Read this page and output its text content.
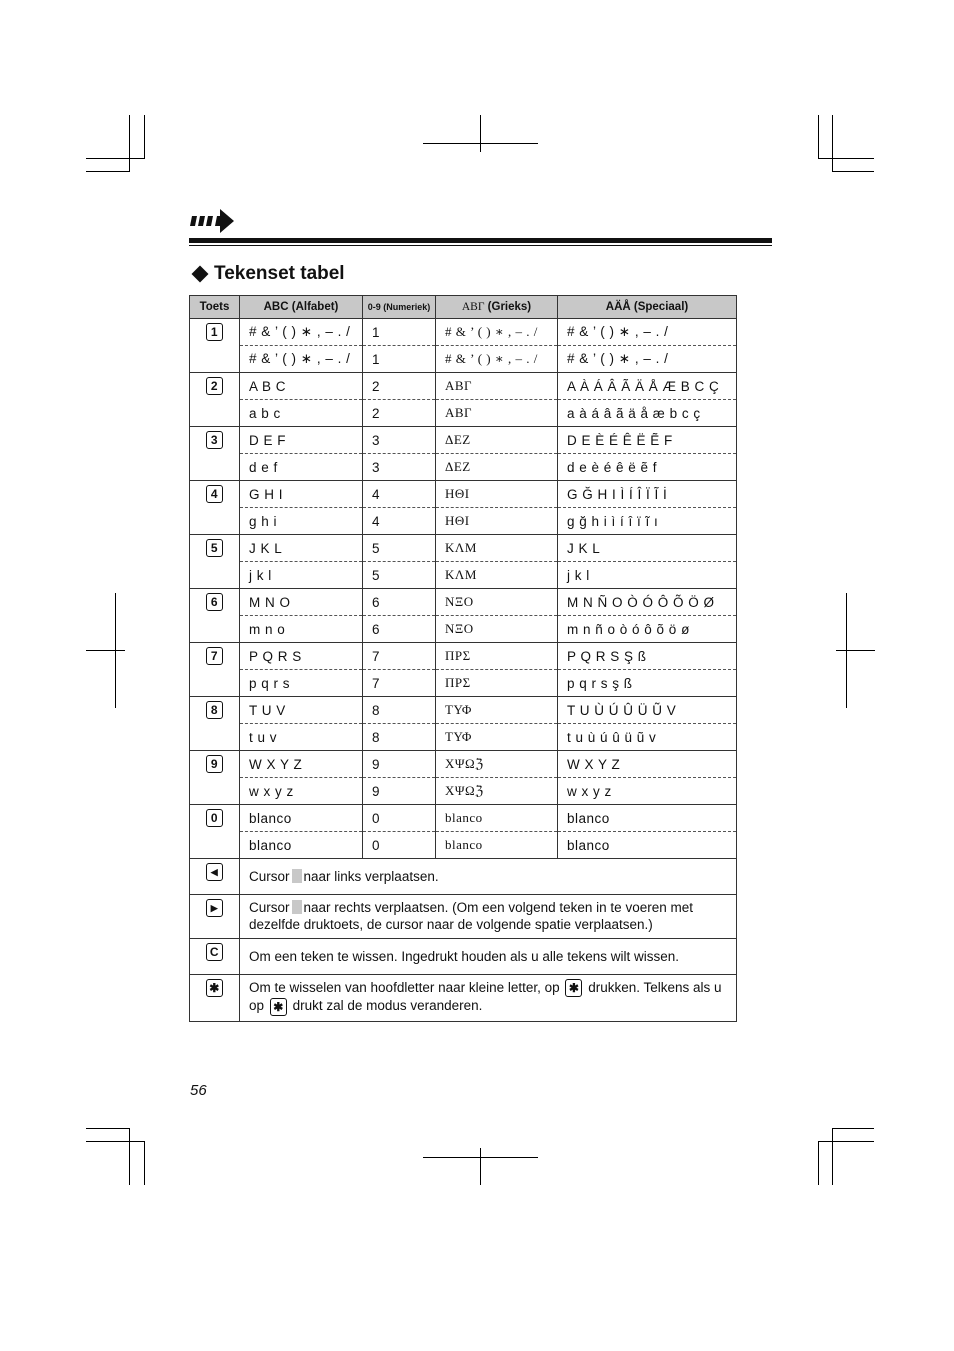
Tekenset tabel
Toets	ABC (Alfabet)	0-9 (Numeriek)	ΑΒΓ (Grieks)	AÄÅ (Speciaal)
1	# & ’ ( ) ∗ , – . /	1	# & ’ ( ) ∗ , – . /	# & ’ ( ) ∗ , – . /
	# & ’ ( ) ∗ , – . /	1	# & ’ ( ) ∗ , – . /	# & ’ ( ) ∗ , – . /
2	A B C	2	ΑΒΓ	A À Á Â Ã Ä Å Æ B C Ç
	a b c	2	ΑΒΓ	a à á â ã ä å æ b c ç
3	D E F	3	ΔΕΖ	D E È É Ê Ë Ẽ F
	d e f	3	ΔΕΖ	d e è é ê ë ẽ f
4	G H I	4	ΗΘΙ	G Ğ H I Ì Í Î Ï Ĩ İ
	g h i	4	ΗΘΙ	g ğ h i ì í î ï ĩ ı
5	J K L	5	ΚΛΜ	J K L
	j k l	5	ΚΛΜ	j k l
6	M N O	6	ΝΞΟ	M N Ñ O Ò Ó Ô Õ Ö Ø
	m n o	6	ΝΞΟ	m n ñ o ò ó ô õ ö ø
7	P Q R S	7	ΠΡΣ	P Q R S Ş ß
	p q r s	7	ΠΡΣ	p q r s ş ß
8	T U V	8	ΤΥΦ	T U Ù Ú Û Ü Ũ V
	t u v	8	ΤΥΦ	t u ù ú û ü ũ v
9	W X Y Z	9	ΧΨΩℨ	W X Y Z
	w x y z	9	ΧΨΩℨ	w x y z
0	blanco	0	blanco	blanco
	blanco	0	blanco	blanco
◀	Cursor naar links verplaatsen.			
▶	Cursor naar rechts verplaatsen. (Om een volgend teken in te voeren met dezelfde druktoets, de cursor naar de volgende spatie verplaatsen.)			
C	Om een teken te wissen. Ingedrukt houden als u alle tekens wilt wissen.			
✱	Om te wisselen van hoofdletter naar kleine letter, op ✱ drukken. Telkens als u op ✱ drukt zal de modus veranderen.			
56
